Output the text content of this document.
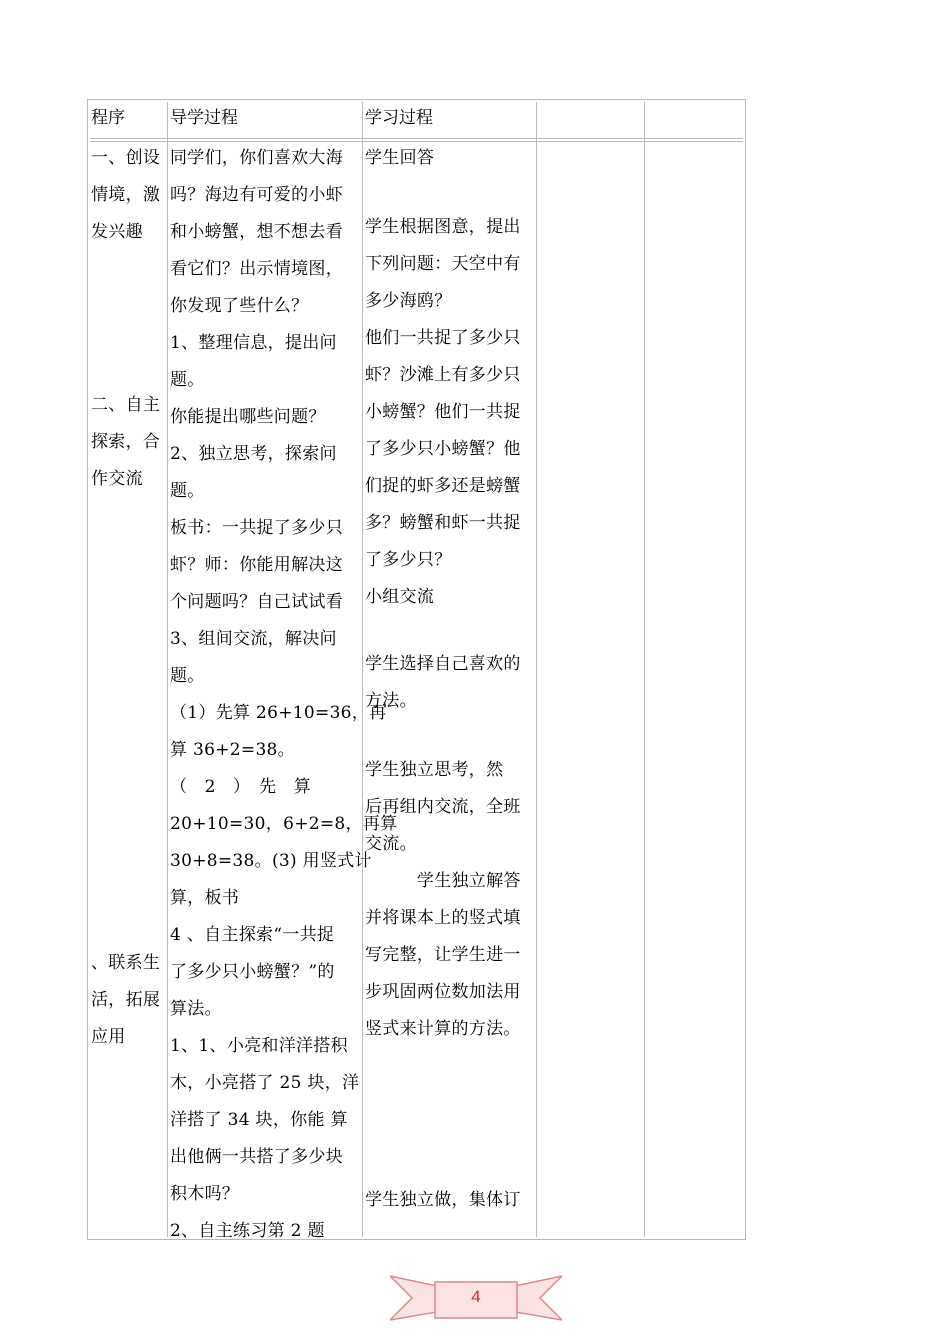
程序	导学过程	学习过程

一、创设

情境，激

发兴趣

二、自主

探索，合

作交流

、联系生

活，拓展

应用

同学们，你们喜欢大海

吗？海边有可爱的小虾

和小螃蟹，想不想去看

看它们？出示情境图，

你发现了些什么？

1、整理信息，提出问

题。

你能提出哪些问题？

2、独立思考，探索问

题。

板书：一共捉了多少只

虾？师：你能用解决这

个问题吗？自己试试看

3、组间交流，解决问

题。

（1）先算 26+10=36，再

算 36+2=38。

（　2　）　先　算

20+10=30，6+2=8，再算

30+8=38。(3) 用竖式计

算，板书

4 、自主探索“一共捉

了多少只小螃蟹？”的

算法。

1、1、小亮和洋洋搭积

木，小亮搭了 25 块，洋

洋搭了 34 块，你能 算

出他俩一共搭了多少块

积木吗？

2、自主练习第 2 题

学生回答

学生根据图意，提出

下列问题：天空中有

多少海鸥？

他们一共捉了多少只

虾？沙滩上有多少只

小螃蟹？他们一共捉

了多少只小螃蟹？他

们捉的虾多还是螃蟹

多？螃蟹和虾一共捉

了多少只？

小组交流

学生选择自己喜欢的

方法。

学生独立思考，然

后再组内交流，全班

交流。

　　　学生独立解答

并将课本上的竖式填

写完整，让学生进一

步巩固两位数加法用

竖式来计算的方法。

学生独立做，集体订

4
